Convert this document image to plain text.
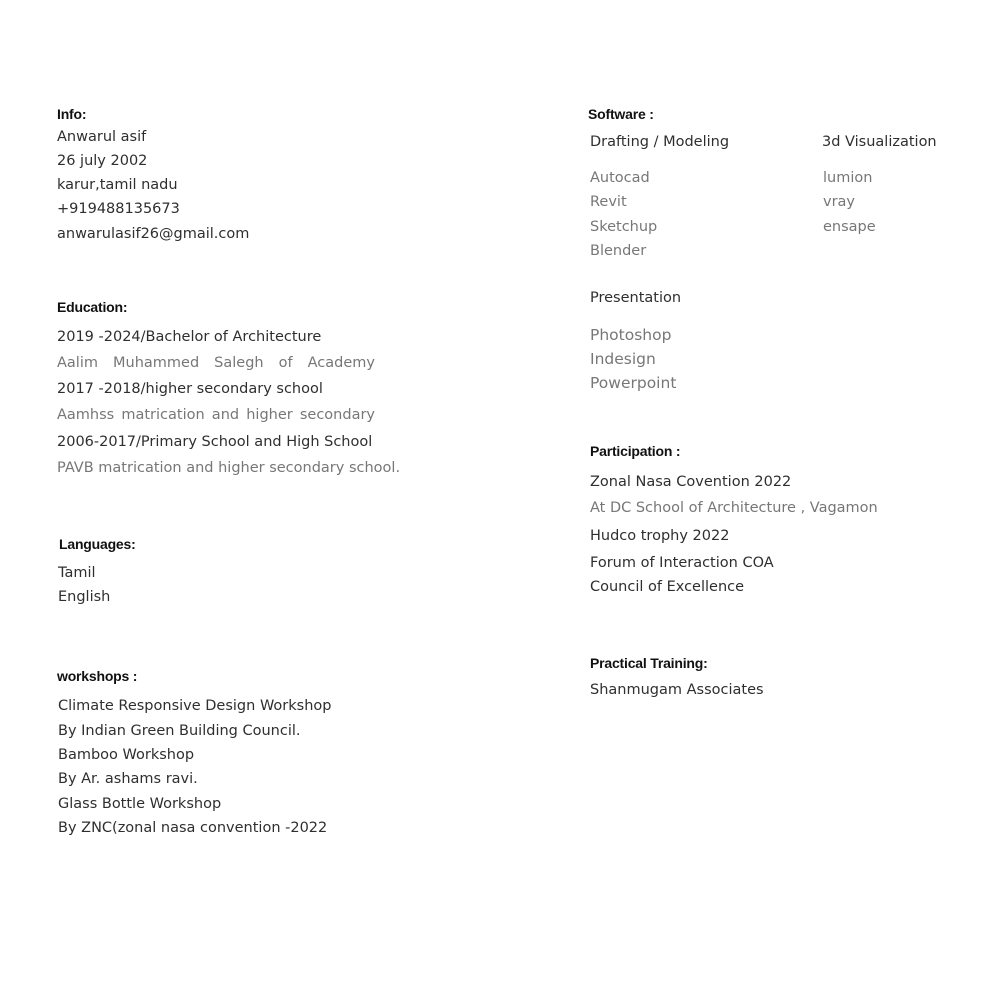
Info:
Anwarul asif
26 july 2002
karur,tamil nadu
+919488135673
anwarulasif26@gmail.com
Education:
2019 -2024/Bachelor of Architecture
Aalim Muhammed Salegh of Academy
2017 -2018/higher secondary school
Aamhss matrication and higher secondary
2006-2017/Primary School and High School
PAVB matrication and higher secondary school.
Languages:
Tamil
English
workshops :
Climate Responsive Design Workshop
By Indian Green Building Council.
Bamboo Workshop
By Ar. ashams ravi.
Glass Bottle Workshop
By ZNC(zonal nasa convention -2022
Software :
Drafting / Modeling
Autocad
Revit
Sketchup
Blender
3d Visualization
lumion
vray
ensape
Presentation
Photoshop
Indesign
Powerpoint
Participation :
Zonal Nasa Covention 2022
At DC School of Architecture , Vagamon
Hudco trophy 2022
Forum of Interaction COA
Council of Excellence
Practical Training:
Shanmugam Associates
